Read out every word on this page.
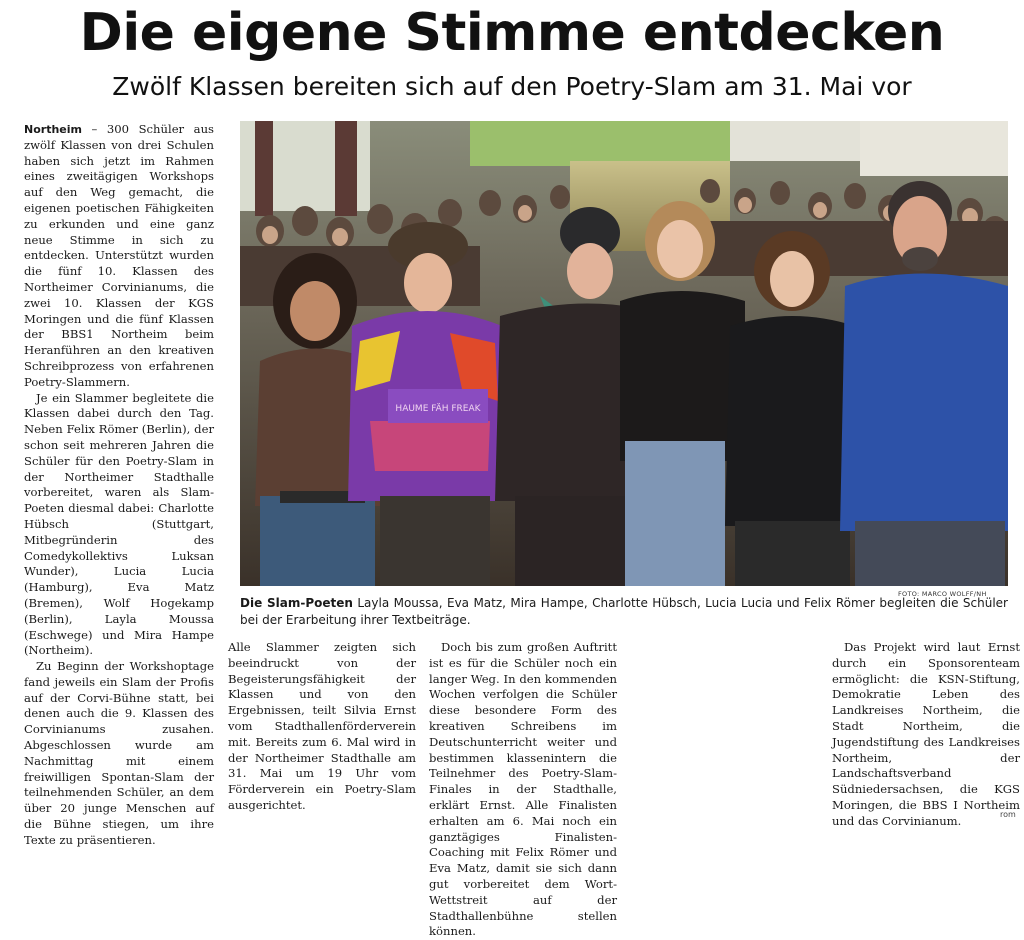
Die eigene Stimme entdecken
Zwölf Klassen bereiten sich auf den Poetry-Slam am 31. Mai vor

Northeim – 300 Schüler aus zwölf Klassen von drei Schulen haben sich jetzt im Rahmen eines zweitägigen Workshops auf den Weg gemacht, die eigenen poetischen Fähigkeiten zu erkunden und eine ganz neue Stimme in sich zu entdecken. Unterstützt wurden die fünf 10. Klassen des Northeimer Corvinianums, die zwei 10. Klassen der KGS Moringen und die fünf Klassen der BBS1 Northeim beim Heranführen an den kreativen Schreibprozess von erfahrenen Poetry-Slammern.

Je ein Slammer begleitete die Klassen dabei durch den Tag. Neben Felix Römer (Berlin), der schon seit mehreren Jahren die Schüler für den Poetry-Slam in der Northeimer Stadthalle vorbereitet, waren als Slam-Poeten diesmal dabei: Charlotte Hübsch (Stuttgart, Mitbegründerin des Comedykollektivs Luksan Wunder), Lucia Lucia (Hamburg), Eva Matz (Bremen), Wolf Hogekamp (Berlin), Layla Moussa (Eschwege) und Mira Hampe (Northeim).

Zu Beginn der Workshoptage fand jeweils ein Slam der Profis auf der Corvi-Bühne statt, bei denen auch die 9. Klassen des Corvinianums zusahen. Abgeschlossen wurde am Nachmittag mit einem freiwilligen Spontan-Slam der teilnehmenden Schüler, an dem über 20 junge Menschen auf die Bühne stiegen, um ihre Texte zu präsentieren.

HAUME FÄH FREAK
FOTO: MARCO WOLFF/NH
Die Slam-Poeten Layla Moussa, Eva Matz, Mira Hampe, Charlotte Hübsch, Lucia Lucia und Felix Römer begleiten die Schüler bei der Erarbeitung ihrer Textbeiträge.

Alle Slammer zeigten sich beeindruckt von der Begeisterungsfähigkeit der Klassen und von den Ergebnissen, teilt Silvia Ernst vom Stadthallenförderverein mit. Bereits zum 6. Mal wird in der Northeimer Stadthalle am 31. Mai um 19 Uhr vom Förderverein ein Poetry-Slam ausgerichtet.

Doch bis zum großen Auftritt ist es für die Schüler noch ein langer Weg. In den kommenden Wochen verfolgen die Schüler diese besondere Form des kreativen Schreibens im Deutschunterricht weiter und bestimmen klassenintern die Teilnehmer des Poetry-Slam-Finales in der Stadthalle, erklärt Ernst. Alle Finalisten erhalten am 6. Mai noch ein ganztägiges Finalisten-Coaching mit Felix Römer und Eva Matz, damit sie sich dann gut vorbereitet dem Wort-Wettstreit auf der Stadthallenbühne stellen können.

Das Projekt wird laut Ernst durch ein Sponsorenteam ermöglicht: die KSN-Stiftung, Demokratie Leben des Landkreises Northeim, die Stadt Northeim, die Jugendstiftung des Landkreises Northeim, der Landschaftsverband Südniedersachsen, die KGS Moringen, die BBS I Northeim und das Corvinianum.	rom
